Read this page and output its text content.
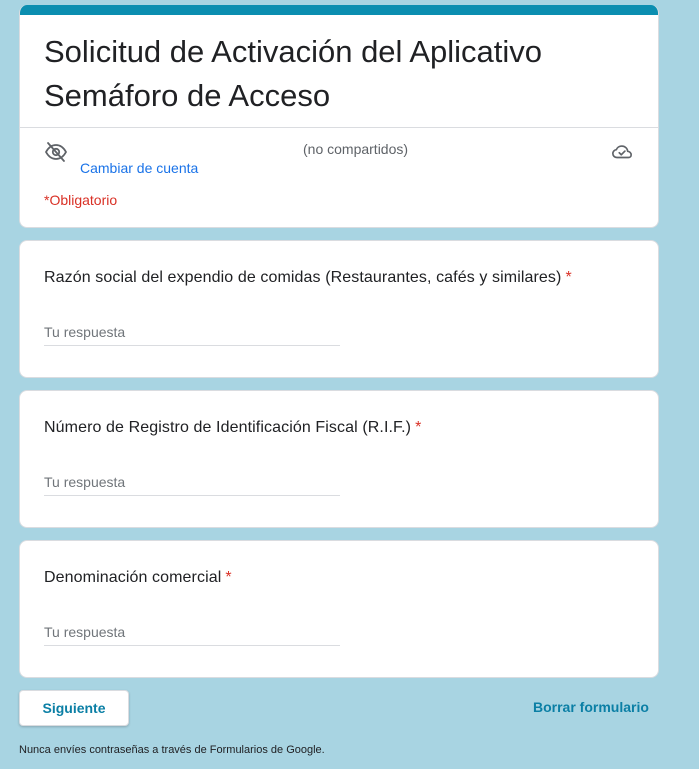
Solicitud de Activación del Aplicativo Semáforo de Acceso
Cambiar de cuenta
(no compartidos)
*Obligatorio
Razón social del expendio de comidas (Restaurantes, cafés y similares) *
Tu respuesta
Número de Registro de Identificación Fiscal (R.I.F.) *
Tu respuesta
Denominación comercial *
Tu respuesta
Siguiente	Borrar formulario
Nunca envíes contraseñas a través de Formularios de Google.
